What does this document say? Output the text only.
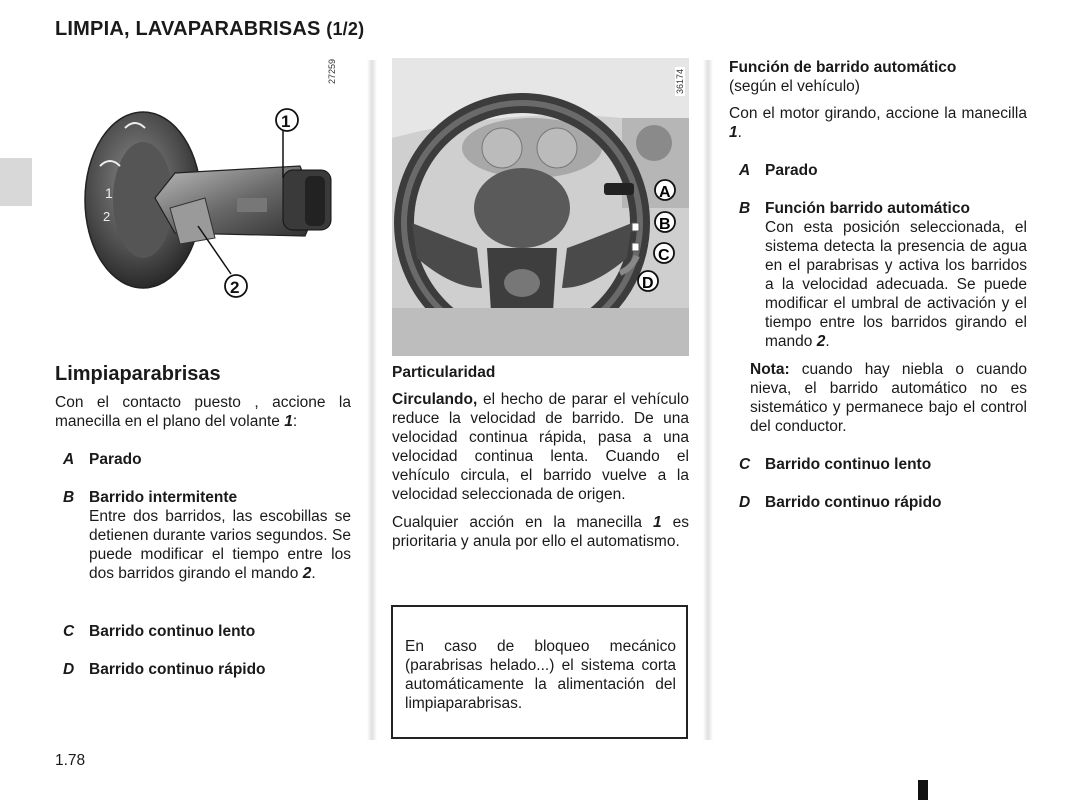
LIMPIA, LAVAPARABRISAS (1/2)
1
2
1
2
27259
Limpiaparabrisas
Con el contacto puesto , accione la manecilla en el plano del volante 1:
A Parado
B Barrido intermitente
Entre dos barridos, las escobillas se detienen durante varios segundos. Se puede modificar el tiempo entre los dos barridos girando el mando 2.
C Barrido continuo lento
D Barrido continuo rápido
A
B
C
D
36174
Particularidad
Circulando, el hecho de parar el vehículo reduce la velocidad de barrido. De una velocidad continua rápida, pasa a una velocidad continua lenta. Cuando el vehículo circula, el barrido vuelve a la velocidad seleccionada de origen.
Cualquier acción en la manecilla 1 es prioritaria y anula por ello el automatismo.
En caso de bloqueo mecánico (parabrisas helado...) el sistema corta automáticamente la alimentación del limpiaparabrisas.
Función de barrido automático
(según el vehículo)
Con el motor girando, accione la manecilla 1.
A Parado
B Función barrido automático
Con esta posición seleccionada, el sistema detecta la presencia de agua en el parabrisas y activa los barridos a la velocidad adecuada. Se puede modificar el umbral de activación y el tiempo entre los barridos girando el mando 2.
Nota: cuando hay niebla o cuando nieva, el barrido automático no es sistemático y permanece bajo el control del conductor.
C Barrido continuo lento
D Barrido continuo rápido
1.78
